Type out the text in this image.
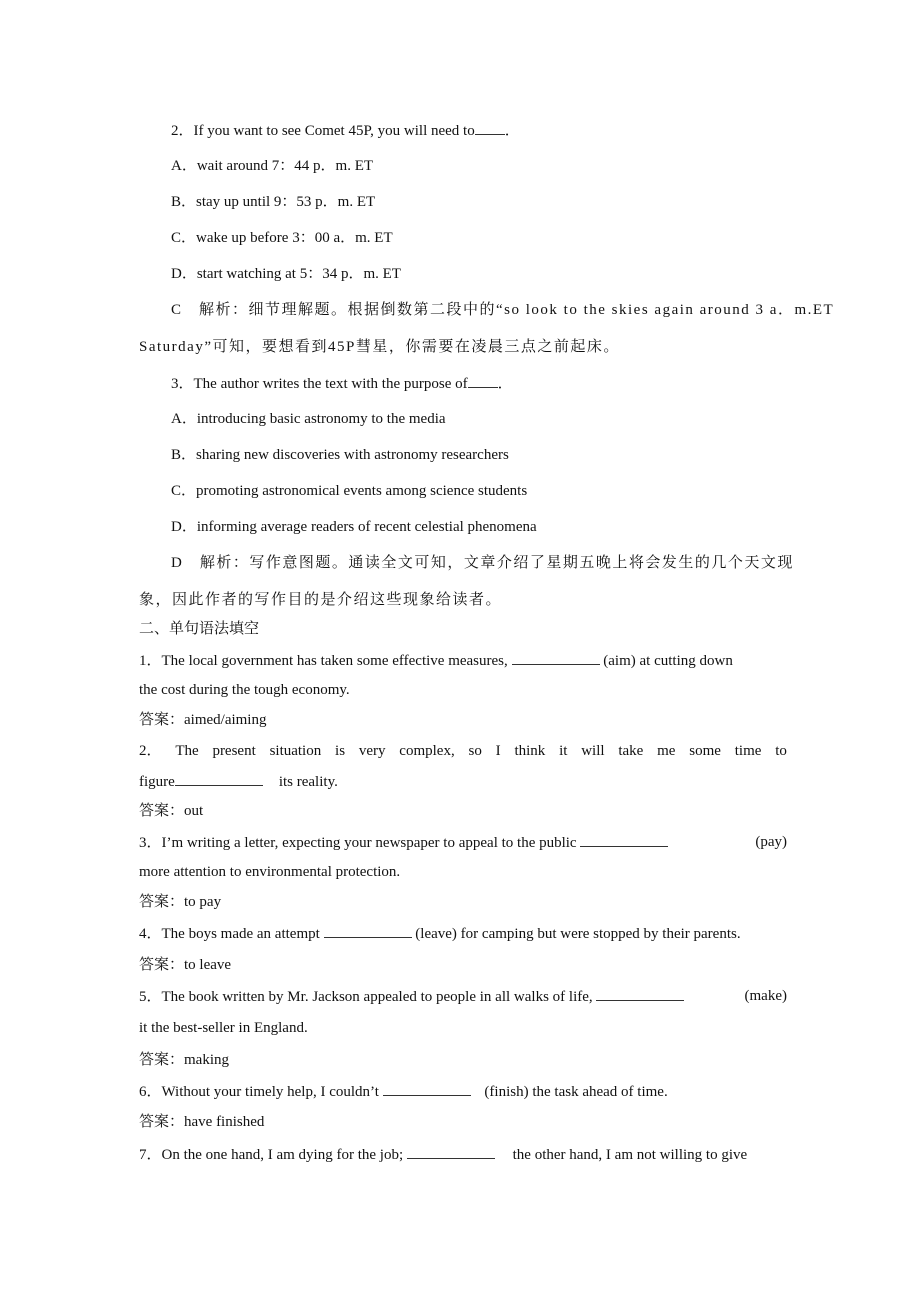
2．If you want to see Comet 45P, you will need to ．
A．wait around 7：44 p．m. ET
B．stay up until 9：53 p．m. ET
C．wake up before 3：00 a．m. ET
D．start watching at 5：34 p．m. ET
C　解析：细节理解题。根据倒数第二段中的“so look to the skies again around 3 a．m.ET
Saturday”可知，要想看到45P彗星，你需要在凌晨三点之前起床。
3．The author writes the text with the purpose of ．
A．introducing basic astronomy to the media
B．sharing new discoveries with astronomy researchers
C．promoting astronomical events among science students
D．informing average readers of recent celestial phenomena
D　解析：写作意图题。通读全文可知，文章介绍了星期五晚上将会发生的几个天文现
象，因此作者的写作目的是介绍这些现象给读者。
二、单句语法填空
1．The local government has taken some effective measures,	(aim) at cutting down
the cost during the tough economy.
答案：aimed/aiming
2． The present situation is very complex, so I think it will take me some time to
figure	its reality.
答案：out
3．I’m writing a letter, expecting your newspaper to appeal to the public	(pay)
more attention to environmental protection.
答案：to pay
4．The boys made an attempt	(leave) for camping but were stopped by their parents.
答案：to leave
5．The book written by Mr. Jackson appealed to people in all walks of life,	(make)
it the best-seller in England.
答案：making
6．Without your timely help, I couldn’t	(finish) the task ahead of time.
答案：have finished
7．On the one hand, I am dying for the job;	the other hand, I am not willing to give
